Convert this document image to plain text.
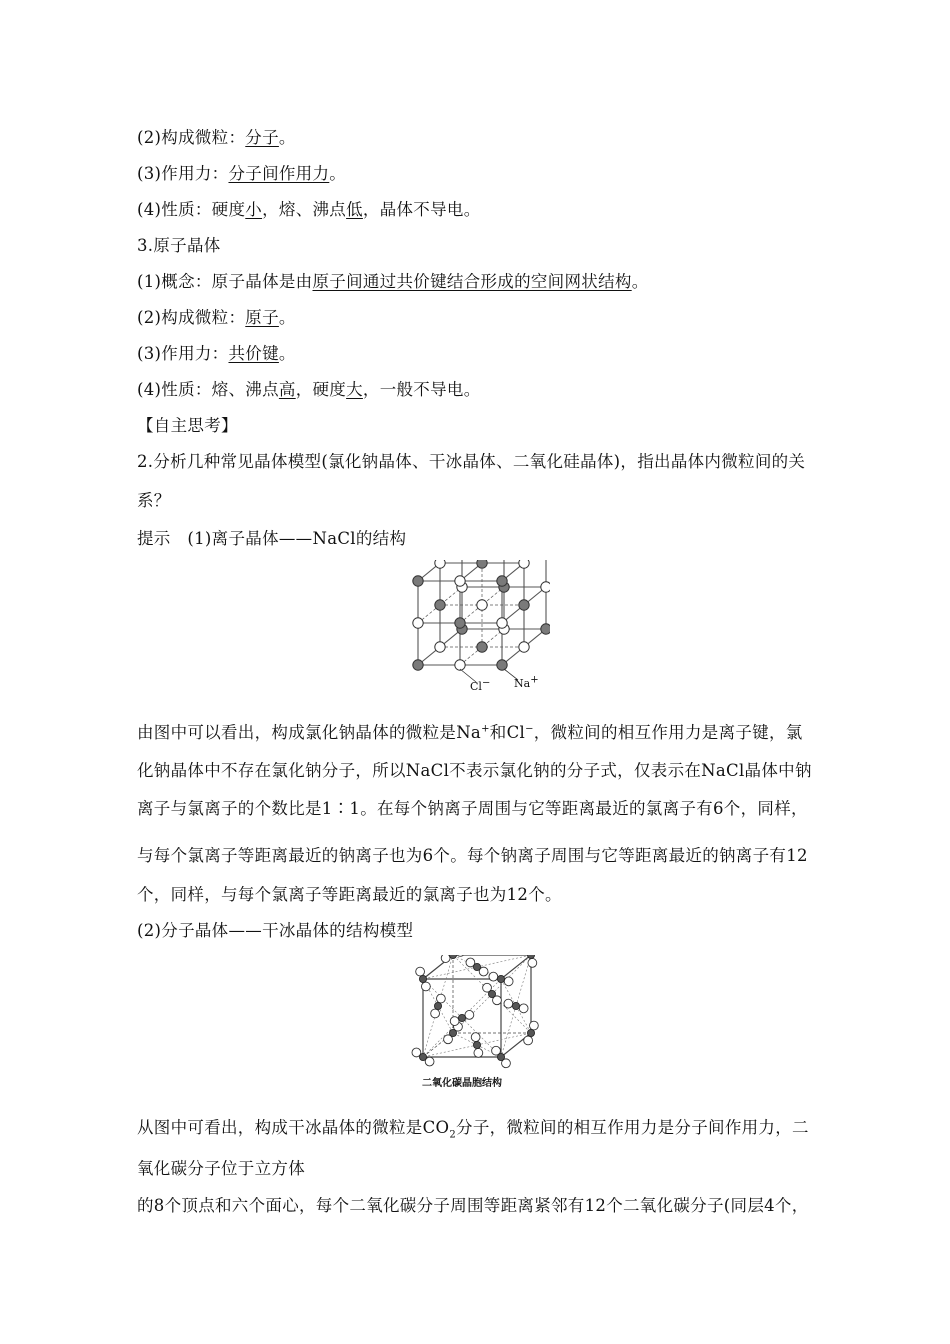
(2)构成微粒：分子。
(3)作用力：分子间作用力。
(4)性质：硬度小，熔、沸点低，晶体不导电。
3.原子晶体
(1)概念：原子晶体是由原子间通过共价键结合形成的空间网状结构。
(2)构成微粒：原子。
(3)作用力：共价键。
(4)性质：熔、沸点高，硬度大，一般不导电。
【自主思考】
2.分析几种常见晶体模型(氯化钠晶体、干冰晶体、二氧化硅晶体)，指出晶体内微粒间的关
系？
提示　(1)离子晶体——NaCl的结构
Cl− Na+
由图中可以看出，构成氯化钠晶体的微粒是Na+和Cl−，微粒间的相互作用力是离子键，氯
化钠晶体中不存在氯化钠分子，所以NaCl不表示氯化钠的分子式，仅表示在NaCl晶体中钠
离子与氯离子的个数比是1∶1。在每个钠离子周围与它等距离最近的氯离子有6个，同样，
与每个氯离子等距离最近的钠离子也为6个。每个钠离子周围与它等距离最近的钠离子有12
个，同样，与每个氯离子等距离最近的氯离子也为12个。
(2)分子晶体——干冰晶体的结构模型
二氧化碳晶胞结构
从图中可看出，构成干冰晶体的微粒是$CO_2$分子，微粒间的相互作用力是分子间作用力，二
氧化碳分子位于立方体
的8个顶点和六个面心，每个二氧化碳分子周围等距离紧邻有12个二氧化碳分子(同层4个，
